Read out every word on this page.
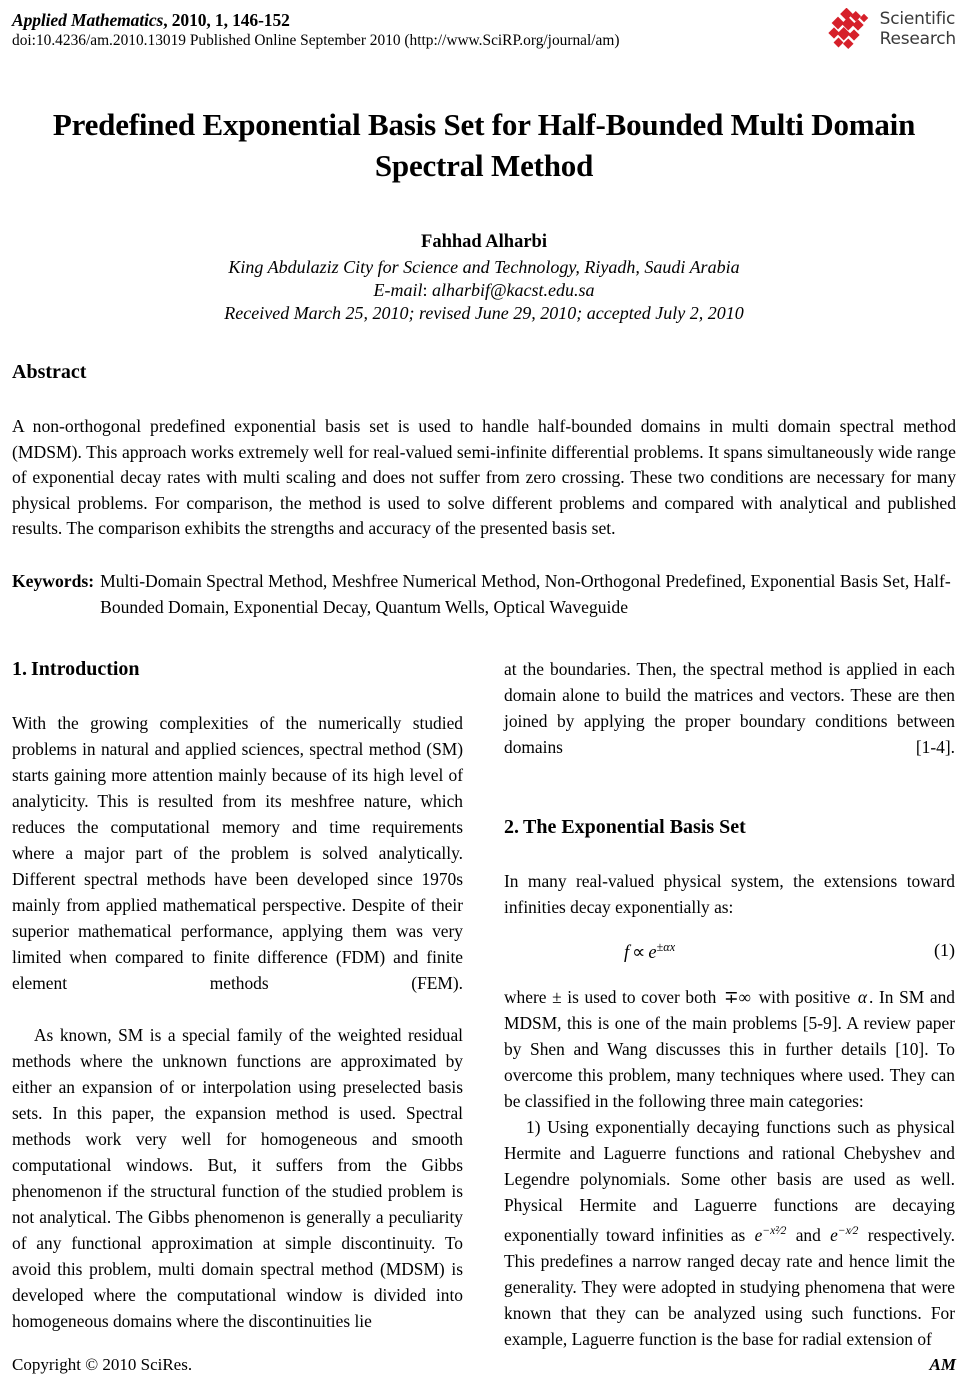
Applied Mathematics, 2010, 1, 146-152
doi:10.4236/am.2010.13019 Published Online September 2010 (http://www.SciRP.org/journal/am)
Scientific
Research
Predefined Exponential Basis Set for Half-Bounded Multi Domain Spectral Method
Fahhad Alharbi
King Abdulaziz City for Science and Technology, Riyadh, Saudi Arabia
E-mail: alharbif@kacst.edu.sa
Received March 25, 2010; revised June 29, 2010; accepted July 2, 2010
Abstract
A non-orthogonal predefined exponential basis set is used to handle half-bounded domains in multi domain spectral method (MDSM). This approach works extremely well for real-valued semi-infinite differential problems. It spans simultaneously wide range of exponential decay rates with multi scaling and does not suffer from zero crossing. These two conditions are necessary for many physical problems. For comparison, the method is used to solve different problems and compared with analytical and published results. The comparison exhibits the strengths and accuracy of the presented basis set.
Keywords: Multi-Domain Spectral Method, Meshfree Numerical Method, Non-Orthogonal Predefined, Exponential Basis Set, Half-Bounded Domain, Exponential Decay, Quantum Wells, Optical Waveguide
1. Introduction

With the growing complexities of the numerically studied problems in natural and applied sciences, spectral method (SM) starts gaining more attention mainly because of its high level of analyticity. This is resulted from its meshfree nature, which reduces the computational memory and time requirements where a major part of the problem is solved analytically. Different spectral methods have been developed since 1970s mainly from applied mathematical perspective. Despite of their superior mathematical performance, applying them was very limited when compared to finite difference (FDM) and finite element methods (FEM).

As known, SM is a special family of the weighted residual methods where the unknown functions are approximated by either an expansion of or interpolation using preselected basis sets. In this paper, the expansion method is used. Spectral methods work very well for homogeneous and smooth computational windows. But, it suffers from the Gibbs phenomenon if the structural function of the studied problem is not analytical. The Gibbs phenomenon is generally a peculiarity of any functional approximation at simple discontinuity. To avoid this problem, multi domain spectral method (MDSM) is developed where the computational window is divided into homogeneous domains where the discontinuities lie

at the boundaries. Then, the spectral method is applied in each domain alone to build the matrices and vectors. These are then joined by applying the proper boundary conditions between domains [1-4].

2. The Exponential Basis Set

In many real-valued physical system, the extensions toward infinities decay exponentially as:

$f \propto e^{\pm\alpha x}$	(1)

where ± is used to cover both ∓∞ with positive α . In SM and MDSM, this is one of the main problems [5-9]. A review paper by Shen and Wang discusses this in further details [10]. To overcome this problem, many techniques where used. They can be classified in the following three main categories:

1) Using exponentially decaying functions such as physical Hermite and Laguerre functions and rational Chebyshev and Legendre polynomials. Some other basis are used as well. Physical Hermite and Laguerre functions are decaying exponentially toward infinities as $e^{-x^2⁄2}$ and $e^{-x⁄2}$ respectively. This predefines a narrow ranged decay rate and hence limit the generality. They were adopted in studying phenomena that were known that they can be analyzed using such functions. For example, Laguerre function is the base for radial extension of

Copyright © 2010 SciRes.	AM
